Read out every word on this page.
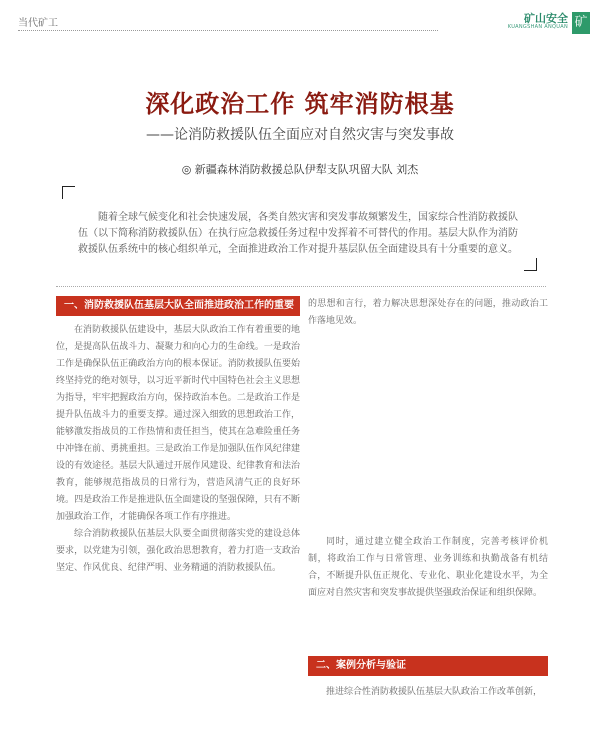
当代矿工	矿山安全
KUANGSHAN ANQUAN 矿
深化政治工作 筑牢消防根基
——论消防救援队伍全面应对自然灾害与突发事故
◎ 新疆森林消防救援总队伊犁支队巩留大队 刘杰

随着全球气候变化和社会快速发展，各类自然灾害和突发事故频繁发生，国家综合性消防救援队伍（以下简称消防救援队伍）在执行应急救援任务过程中发挥着不可替代的作用。基层大队作为消防救援队伍系统中的核心组织单元，全面推进政治工作对提升基层队伍全面建设具有十分重要的意义。

一、消防救援队伍基层大队全面推进政治工作的重要性 在消防救援队伍建设中，基层大队政治工作有着重要的地位，是提高队伍战斗力、凝聚力和向心力的生命线。一是政治工作是确保队伍正确政治方向的根本保证。消防救援队伍要始终坚持党的绝对领导，以习近平新时代中国特色社会主义思想为指导，牢牢把握政治方向，保持政治本色。二是政治工作是提升队伍战斗力的重要支撑。通过深入细致的思想政治工作，能够激发指战员的工作热情和责任担当，使其在急难险重任务中冲锋在前、勇挑重担。三是政治工作是加强队伍作风纪律建设的有效途径。基层大队通过开展作风建设、纪律教育和法治教育，能够规范指战员的日常行为，营造风清气正的良好环境。四是政治工作是推进队伍全面建设的坚强保障，只有不断加强政治工作，才能确保各项工作有序推进。

综合消防救援队伍基层大队要全面贯彻落实党的建设总体要求，以党建为引领，强化政治思想教育，着力打造一支政治坚定、作风优良、纪律严明、业务精通的消防救援队伍。

的思想和言行，着力解决思想深处存在的问题，推动政治工作落地见效。

同时，通过建立健全政治工作制度，完善考核评价机制，将政治工作与日常管理、业务训练和执勤战备有机结合，不断提升队伍正规化、专业化、职业化建设水平，为全面应对自然灾害和突发事故提供坚强政治保证和组织保障。

二、案例分析与验证

推进综合性消防救援队伍基层大队政治工作改革创新，
